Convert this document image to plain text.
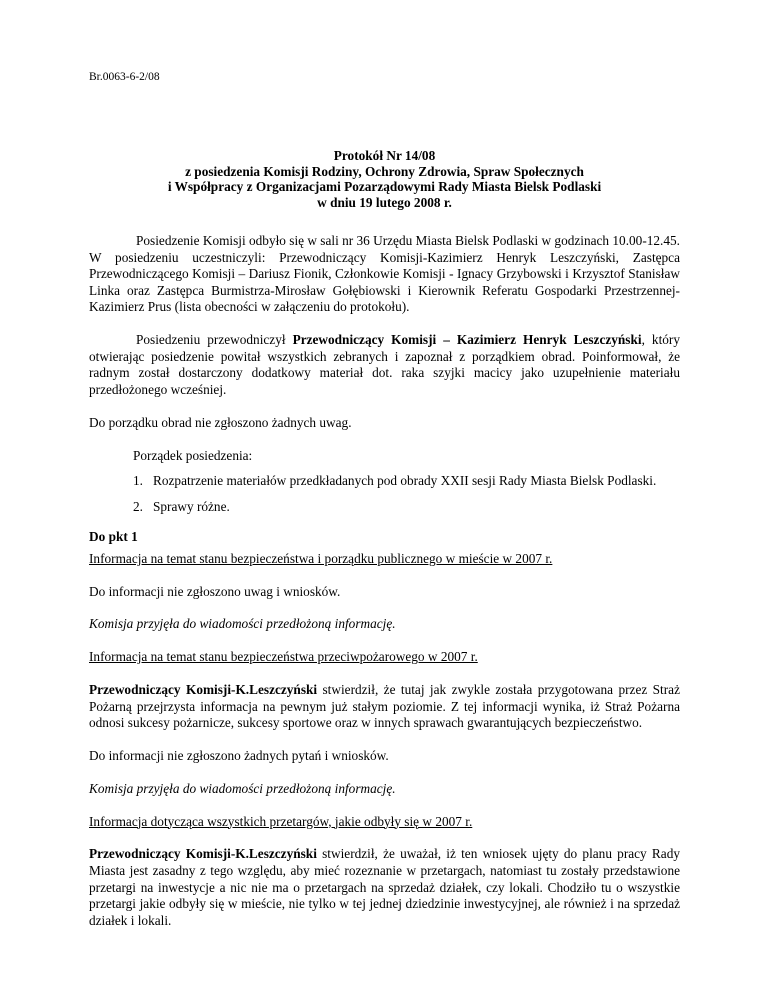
Br.0063-6-2/08
Protokół Nr 14/08
z posiedzenia Komisji Rodziny, Ochrony Zdrowia, Spraw Społecznych
i Współpracy z Organizacjami Pozarządowymi Rady Miasta Bielsk Podlaski
w dniu 19 lutego 2008 r.

Posiedzenie Komisji odbyło się w sali nr 36 Urzędu Miasta Bielsk Podlaski w godzinach 10.00-12.45. W posiedzeniu uczestniczyli: Przewodniczący Komisji-Kazimierz Henryk Leszczyński, Zastępca Przewodniczącego Komisji – Dariusz Fionik, Członkowie Komisji - Ignacy Grzybowski i Krzysztof Stanisław Linka oraz Zastępca Burmistrza-Mirosław Gołębiowski i Kierownik Referatu Gospodarki Przestrzennej-Kazimierz Prus (lista obecności w załączeniu do protokołu).

Posiedzeniu przewodniczył Przewodniczący Komisji – Kazimierz Henryk Leszczyński, który otwierając posiedzenie powitał wszystkich zebranych i zapoznał z porządkiem obrad. Poinformował, że radnym został dostarczony dodatkowy materiał dot. raka szyjki macicy jako uzupełnienie materiału przedłożonego wcześniej.

Do porządku obrad nie zgłoszono żadnych uwag.

Porządek posiedzenia:
1. Rozpatrzenie materiałów przedkładanych pod obrady XXII sesji Rady Miasta Bielsk Podlaski.
2. Sprawy różne.
Do pkt 1

Informacja na temat stanu bezpieczeństwa i porządku publicznego w mieście w 2007 r.

Do informacji nie zgłoszono uwag i wniosków.

Komisja przyjęła do wiadomości przedłożoną informację.

Informacja na temat stanu bezpieczeństwa przeciwpożarowego w 2007 r.

Przewodniczący Komisji-K.Leszczyński stwierdził, że tutaj jak zwykle została przygotowana przez Straż Pożarną przejrzysta informacja na pewnym już stałym poziomie. Z tej informacji wynika, iż Straż Pożarna odnosi sukcesy pożarnicze, sukcesy sportowe oraz w innych sprawach gwarantujących bezpieczeństwo.

Do informacji nie zgłoszono żadnych pytań i wniosków.

Komisja przyjęła do wiadomości przedłożoną informację.

Informacja dotycząca wszystkich przetargów, jakie odbyły się w 2007 r.

Przewodniczący Komisji-K.Leszczyński stwierdził, że uważał, iż ten wniosek ujęty do planu pracy Rady Miasta jest zasadny z tego względu, aby mieć rozeznanie w przetargach, natomiast tu zostały przedstawione przetargi na inwestycje a nic nie ma o przetargach na sprzedaż działek, czy lokali. Chodziło tu o wszystkie przetargi jakie odbyły się w mieście, nie tylko w tej jednej dziedzinie inwestycyjnej, ale również i na sprzedaż działek i lokali.
